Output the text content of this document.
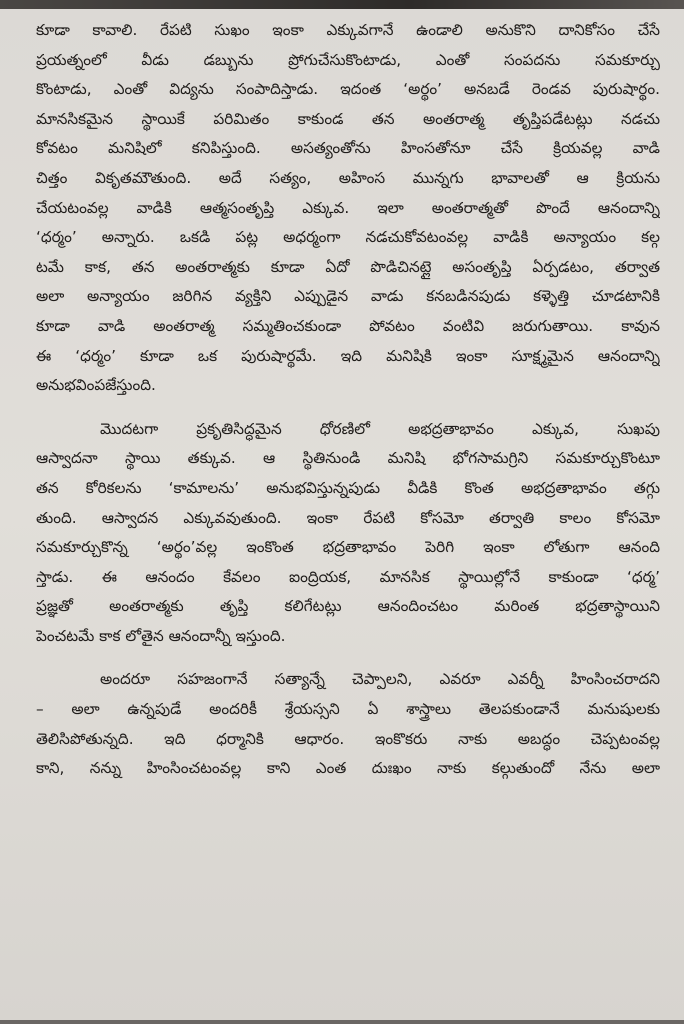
కూడా కావాలి. రేపటి సుఖం ఇంకా ఎక్కువగానే ఉండాలి అనుకొని దానికోసం చేసే
ప్రయత్నంలో వీడు డబ్బును ప్రోగుచేసుకొంటాడు, ఎంతో సంపదను సమకూర్చు
కొంటాడు, ఎంతో విద్యను సంపాదిస్తాడు. ఇదంత ‘అర్థం’ అనబడే రెండవ పురుషార్థం.
మానసికమైన స్థాయికే పరిమితం కాకుండ తన అంతరాత్మ తృప్తిపడేటట్లు నడచు
కోవటం మనిషిలో కనిపిస్తుంది. అసత్యంతోను హింసతోనూ చేసే క్రియవల్ల వాడి
చిత్తం వికృతమౌతుంది. అదే సత్యం, అహింస మున్నగు భావాలతో ఆ క్రియను
చేయటంవల్ల వాడికి ఆత్మసంతృప్తి ఎక్కువ. ఇలా అంతరాత్మతో పొందే ఆనందాన్ని
‘ధర్మం’ అన్నారు. ఒకడి పట్ల అధర్మంగా నడచుకోవటంవల్ల వాడికి అన్యాయం కల్గ
టమే కాక, తన అంతరాత్మకు కూడా ఏదో పొడిచినట్లై అసంతృప్తి ఏర్పడటం, తర్వాత
అలా అన్యాయం జరిగిన వ్యక్తిని ఎప్పుడైన వాడు కనబడినపుడు కళ్ళెత్తి చూడటానికి
కూడా వాడి అంతరాత్మ సమ్మతించకుండా పోవటం వంటివి జరుగుతాయి. కావున
ఈ ‘ధర్మం’ కూడా ఒక పురుషార్థమే. ఇది మనిషికి ఇంకా సూక్ష్మమైన ఆనందాన్ని
అనుభవింపజేస్తుంది.
మొదటగా ప్రకృతిసిద్ధమైన ధోరణిలో అభద్రతాభావం ఎక్కువ, సుఖపు
ఆస్వాదనా స్థాయి తక్కువ. ఆ స్థితినుండి మనిషి భోగసామగ్రిని సమకూర్చుకొంటూ
తన కోరికలను ‘కామాలను’ అనుభవిస్తున్నపుడు వీడికి కొంత అభద్రతాభావం తగ్గు
తుంది. ఆస్వాదన ఎక్కువవుతుంది. ఇంకా రేపటి కోసమో తర్వాతి కాలం కోసమో
సమకూర్చుకొన్న ‘అర్థం’వల్ల ఇంకొంత భద్రతాభావం పెరిగి ఇంకా లోతుగా ఆనంది
స్తాడు. ఈ ఆనందం కేవలం ఐంద్రియక, మానసిక స్థాయిల్లోనే కాకుండా ‘ధర్మ’
ప్రజ్ఞతో అంతరాత్మకు తృప్తి కలిగేటట్లు ఆనందించటం మరింత భద్రతాస్థాయిని
పెంచటమే కాక లోతైన ఆనందాన్నీ ఇస్తుంది.
అందరూ సహజంగానే సత్యాన్నే చెప్పాలని, ఎవరూ ఎవర్నీ హింసించరాదని
– అలా ఉన్నపుడే అందరికీ శ్రేయస్సని ఏ శాస్త్రాలు తెలపకుండానే మనుషులకు
తెలిసిపోతున్నది. ఇది ధర్మానికి ఆధారం. ఇంకొకరు నాకు అబద్ధం చెప్పటంవల్ల
కాని, నన్ను హింసించటంవల్ల కాని ఎంత దుఃఖం నాకు కల్గుతుందో నేను అలా
